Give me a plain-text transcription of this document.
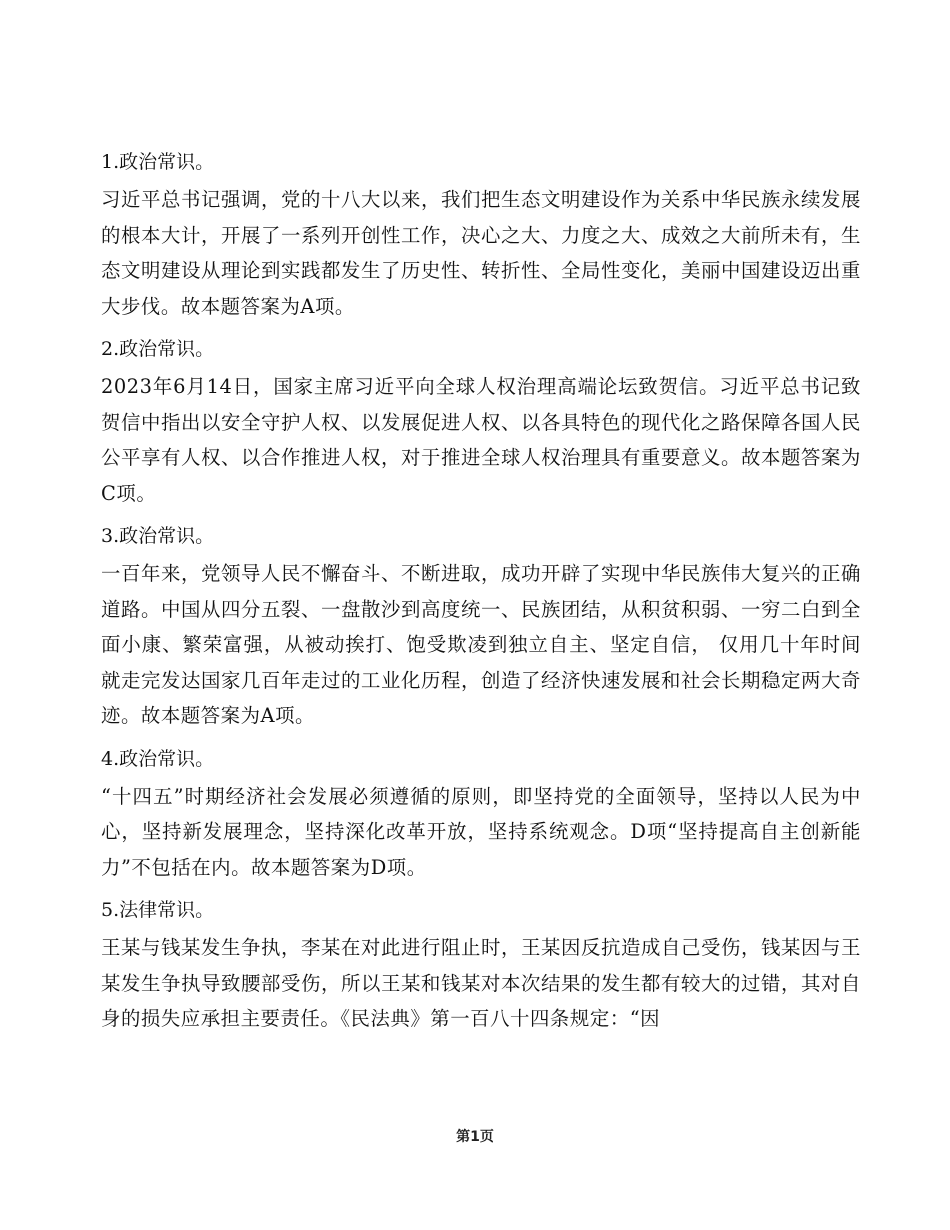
1.政治常识。

习近平总书记强调，党的十八大以来，我们把生态文明建设作为关系中华民族永续发展的根本大计，开展了一系列开创性工作，决心之大、力度之大、成效之大前所未有，生态文明建设从理论到实践都发生了历史性、转折性、全局性变化，美丽中国建设迈出重大步伐。故本题答案为A项。

2.政治常识。

2023年6月14日，国家主席习近平向全球人权治理高端论坛致贺信。习近平总书记致贺信中指出以安全守护人权、以发展促进人权、以各具特色的现代化之路保障各国人民公平享有人权、以合作推进人权，对于推进全球人权治理具有重要意义。故本题答案为C项。

3.政治常识。

一百年来，党领导人民不懈奋斗、不断进取，成功开辟了实现中华民族伟大复兴的正确道路。中国从四分五裂、一盘散沙到高度统一、民族团结，从积贫积弱、一穷二白到全面小康、繁荣富强，从被动挨打、饱受欺凌到独立自主、坚定自信， 仅用几十年时间就走完发达国家几百年走过的工业化历程，创造了经济快速发展和社会长期稳定两大奇迹。故本题答案为A项。

4.政治常识。

“十四五”时期经济社会发展必须遵循的原则，即坚持党的全面领导，坚持以人民为中心，坚持新发展理念，坚持深化改革开放，坚持系统观念。D项“坚持提高自主创新能力”不包括在内。故本题答案为D项。

5.法律常识。

王某与钱某发生争执，李某在对此进行阻止时，王某因反抗造成自己受伤，钱某因与王某发生争执导致腰部受伤，所以王某和钱某对本次结果的发生都有较大的过错，其对自身的损失应承担主要责任。《民法典》第一百八十四条规定：“因

第1页
